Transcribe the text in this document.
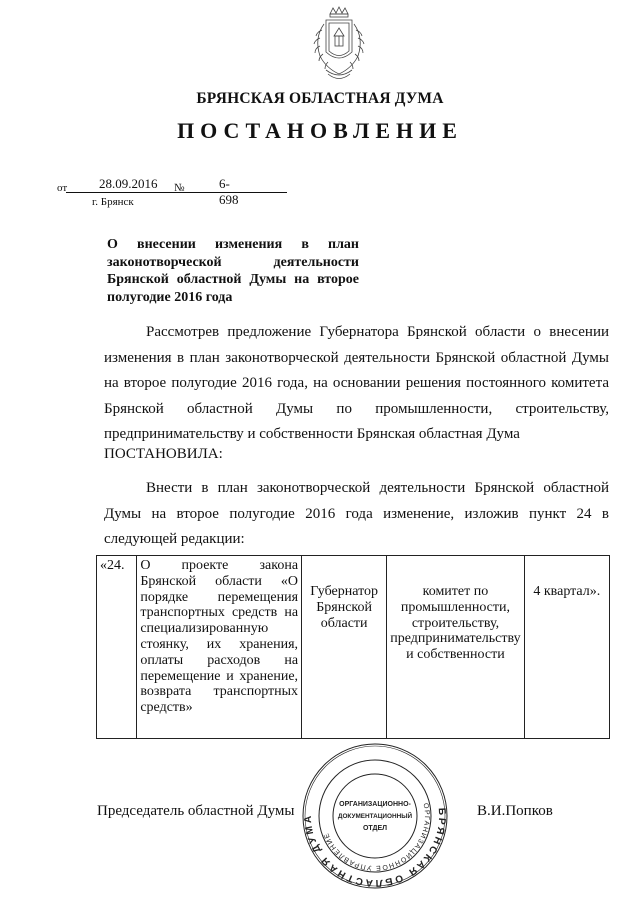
БРЯНСКАЯ ОБЛАСТНАЯ ДУМА
ПОСТАНОВЛЕНИЕ
от 28.09.2016 №	6-698
г. Брянск
О внесении изменения в план законотворческой деятельности Брянской областной Думы на второе полугодие 2016 года
Рассмотрев предложение Губернатора Брянской области о внесении изменения в план законотворческой деятельности Брянской областной Думы на второе полугодие 2016 года, на основании решения постоянного комитета Брянской областной Думы по промышленности, строительству, предпринимательству и собственности Брянская областная Дума
ПОСТАНОВИЛА:
Внести в план законотворческой деятельности Брянской областной Думы на второе полугодие 2016 года изменение, изложив пункт 24 в следующей редакции:
«24.	О проекте закона Брянской области «О порядке перемещения транспортных средств на специализированную стоянку, их хранения, оплаты расходов на перемещение и хранение, возврата транспортных средств»	Губернатор Брянской области	комитет по промышленности, строительству, предпринимательству и собственности	4 квартал».
Председатель областной Думы	В.И.Попков
БРЯНСКАЯ ОБЛАСТНАЯ ДУМА
ОРГАНИЗАЦИОННОЕ УПРАВЛЕНИЕ
ОРГАНИЗАЦИОННО-
ДОКУМЕНТАЦИОННЫЙ
ОТДЕЛ
